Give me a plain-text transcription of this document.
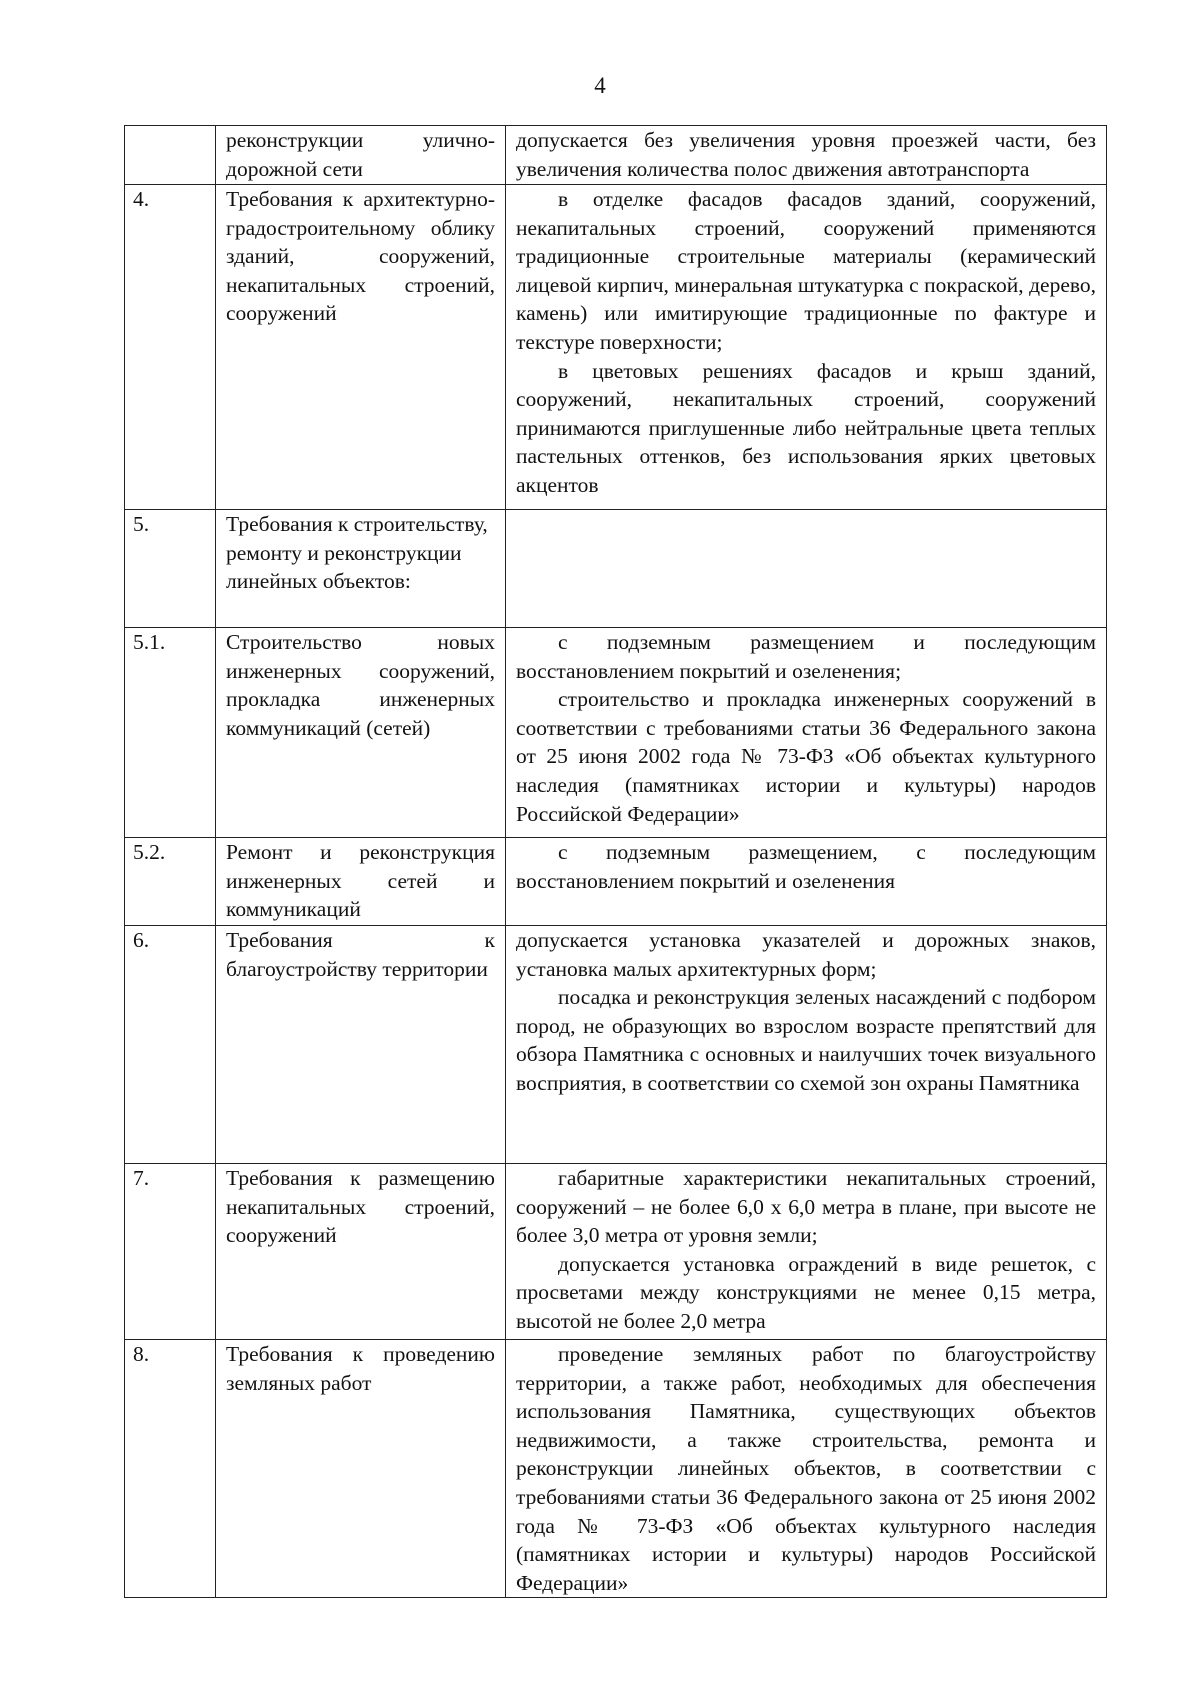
4
	реконструкции улично-дорожной сети	допускается без увеличения уровня проезжей части, без увеличения количества полос движения автотранспорта

4.	Требования к архитектурно-градостроительному облику зданий, сооружений, некапитальных строений, сооружений	в отделке фасадов фасадов зданий, сооружений, некапитальных строений, сооружений применяются традиционные строительные материалы (керамический лицевой кирпич, минеральная штукатурка с покраской, дерево, камень) или имитирующие традиционные по фактуре и текстуре поверхности;
в цветовых решениях фасадов и крыш зданий, сооружений, некапитальных строений, сооружений принимаются приглушенные либо нейтральные цвета теплых пастельных оттенков, без использования ярких цветовых акцентов

5.	Требования к строительству, ремонту и реконструкции линейных объектов:	
5.1.	Строительство новых инженерных сооружений, прокладка инженерных коммуникаций (сетей)	с подземным размещением и последующим восстановлением покрытий и озеленения;
строительство и прокладка инженерных сооружений в соответствии с требованиями статьи 36 Федерального закона от 25 июня 2002 года № 73-ФЗ «Об объектах культурного наследия (памятниках истории и культуры) народов Российской Федерации»

5.2.	Ремонт и реконструкция инженерных сетей и коммуникаций	с подземным размещением, с последующим восстановлением покрытий и озеленения

6.	Требования к благоустройству территории	допускается установка указателей и дорожных знаков, установка малых архитектурных форм;
посадка и реконструкция зеленых насаждений с подбором пород, не образующих во взрослом возрасте препятствий для обзора Памятника с основных и наилучших точек визуального восприятия, в соответствии со схемой зон охраны Памятника

7.	Требования к размещению некапитальных строений, сооружений	габаритные характеристики некапитальных строений, сооружений – не более 6,0 х 6,0 метра в плане, при высоте не более 3,0 метра от уровня земли;
допускается установка ограждений в виде решеток, с просветами между конструкциями не менее 0,15 метра, высотой не более 2,0 метра

8.	Требования к проведению земляных работ	проведение земляных работ по благоустройству территории, а также работ, необходимых для обеспечения использования Памятника, существующих объектов недвижимости, а также строительства, ремонта и реконструкции линейных объектов, в соответствии с требованиями статьи 36 Федерального закона от 25 июня 2002 года № 73-ФЗ «Об объектах культурного наследия (памятниках истории и культуры) народов Российской Федерации»
